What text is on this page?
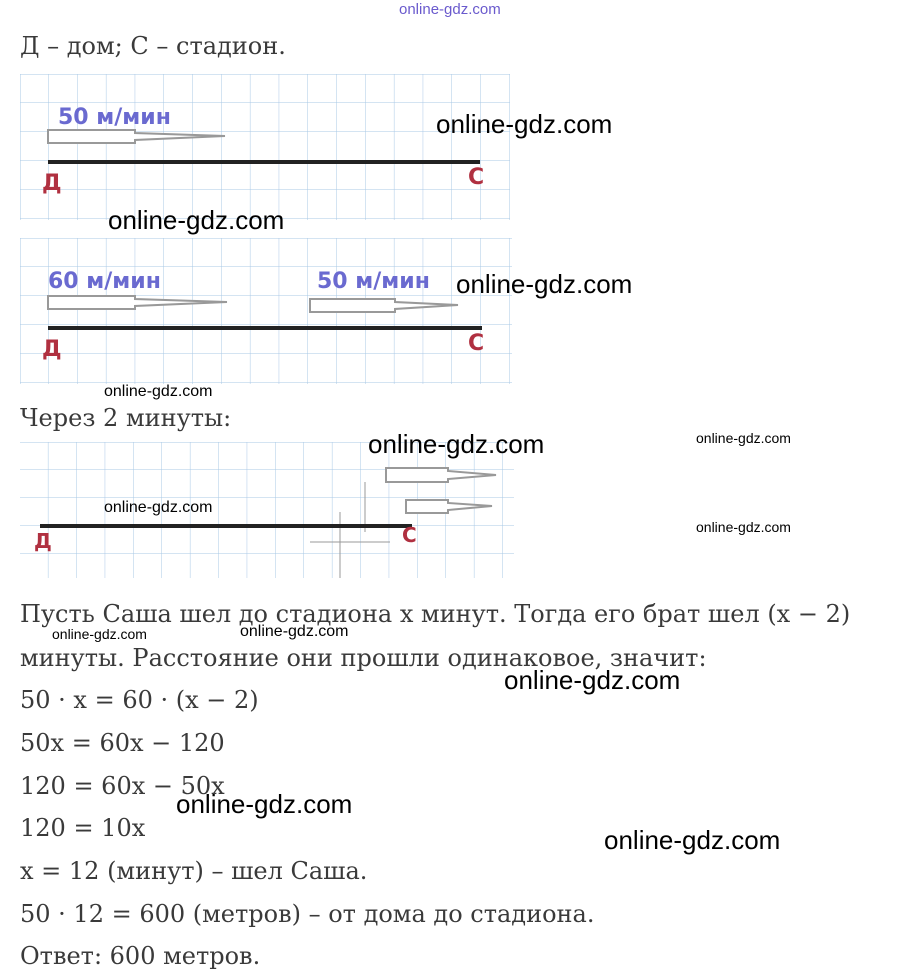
online-gdz.com
Д – дом; С – стадион.
50 м/мин
Д	С
60 м/мин	50 м/мин
Д	С
Через 2 минуты:
Д	С
Пусть Саша шел до стадиона x минут. Тогда его брат шел (x − 2)
минуты. Расстояние они прошли одинаковое, значит:
50 · x = 60 · (x − 2)
50x = 60x − 120
120 = 60x − 50x
120 = 10x
x = 12 (минут) – шел Саша.
50 · 12 = 600 (метров) – от дома до стадиона.
Ответ: 600 метров.
online-gdz.com
online-gdz.com
online-gdz.com
online-gdz.com
online-gdz.com	online-gdz.com
online-gdz.com
online-gdz.com
online-gdz.com	online-gdz.com
online-gdz.com
online-gdz.com
online-gdz.com
